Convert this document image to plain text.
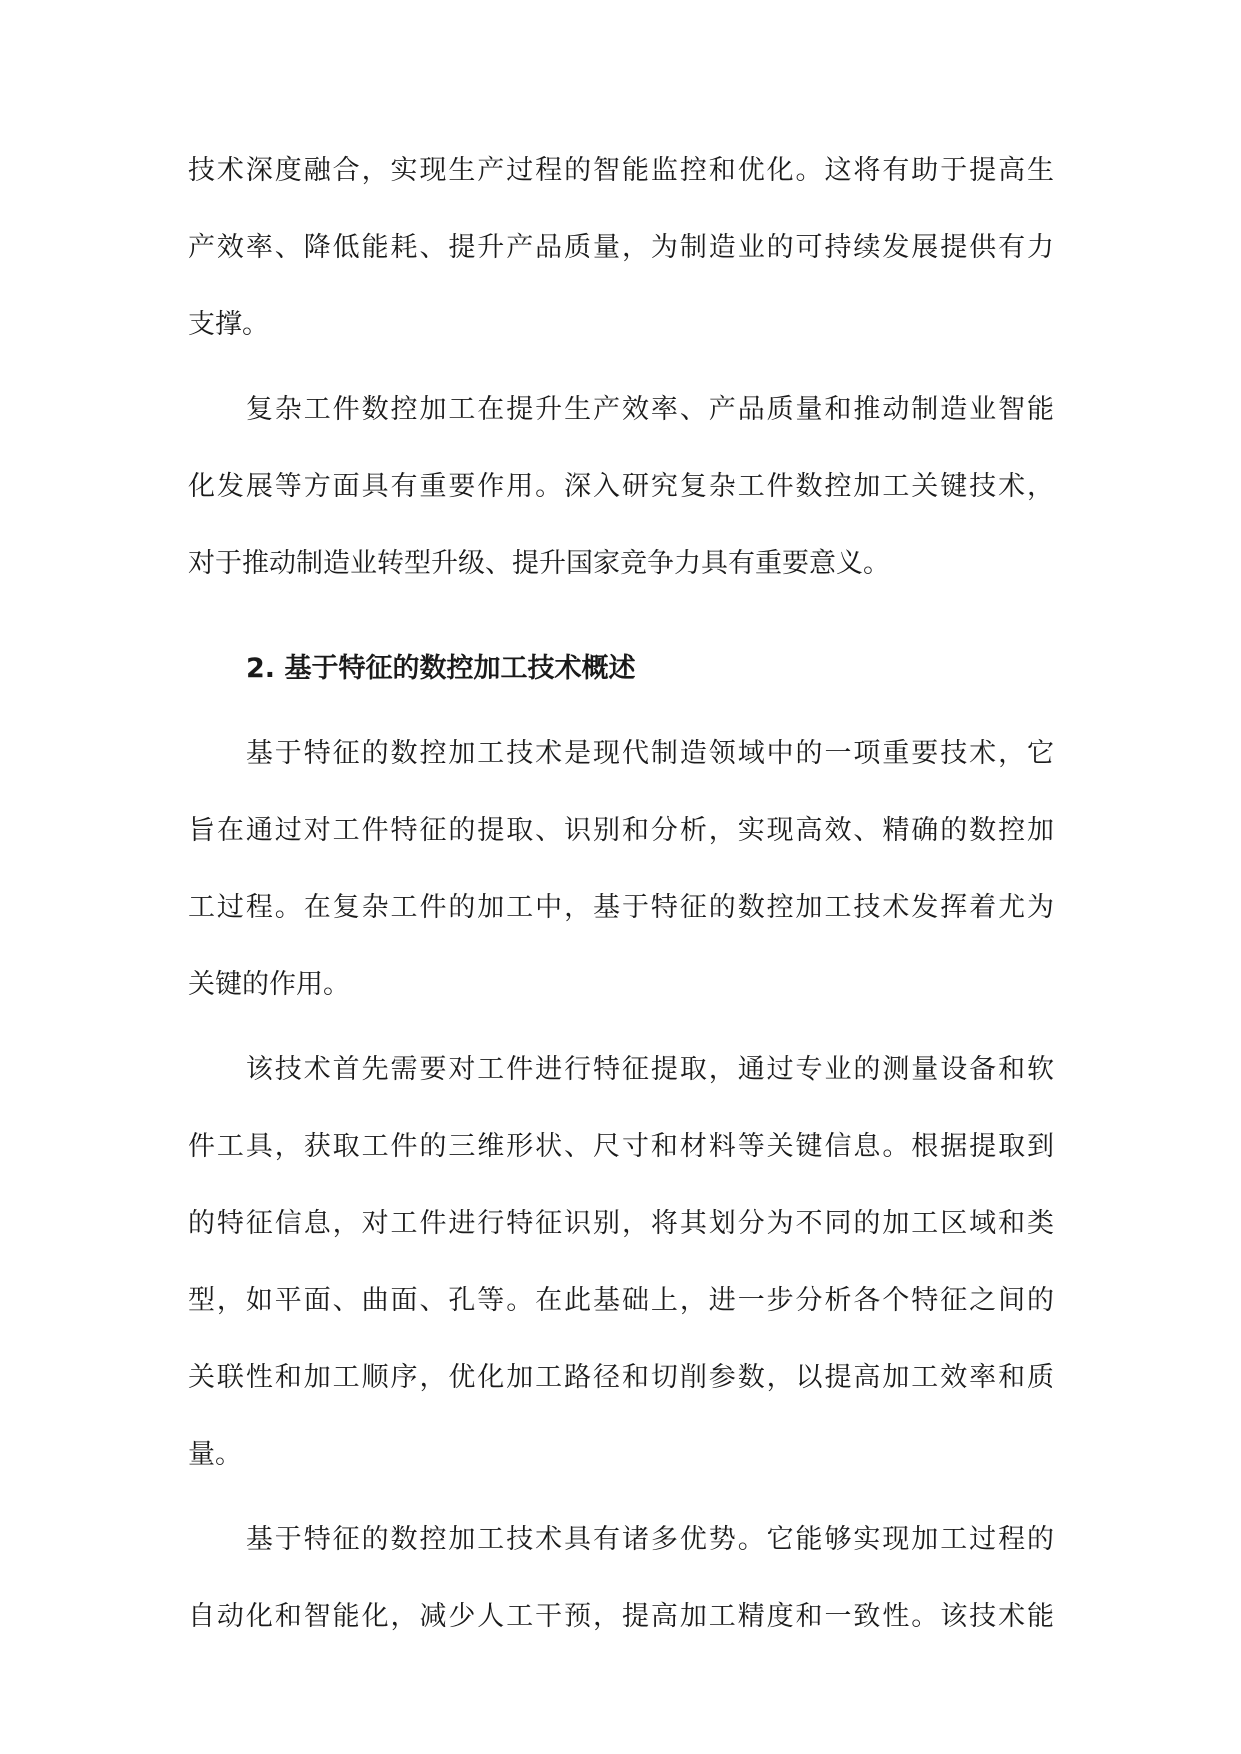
技术深度融合，实现生产过程的智能监控和优化。这将有助于提高生
产效率、降低能耗、提升产品质量，为制造业的可持续发展提供有力
支撑。
　　复杂工件数控加工在提升生产效率、产品质量和推动制造业智能
化发展等方面具有重要作用。深入研究复杂工件数控加工关键技术，
对于推动制造业转型升级、提升国家竞争力具有重要意义。
2. 基于特征的数控加工技术概述
　　基于特征的数控加工技术是现代制造领域中的一项重要技术，它
旨在通过对工件特征的提取、识别和分析，实现高效、精确的数控加
工过程。在复杂工件的加工中，基于特征的数控加工技术发挥着尤为
关键的作用。
　　该技术首先需要对工件进行特征提取，通过专业的测量设备和软
件工具，获取工件的三维形状、尺寸和材料等关键信息。根据提取到
的特征信息，对工件进行特征识别，将其划分为不同的加工区域和类
型，如平面、曲面、孔等。在此基础上，进一步分析各个特征之间的
关联性和加工顺序，优化加工路径和切削参数，以提高加工效率和质
量。
　　基于特征的数控加工技术具有诸多优势。它能够实现加工过程的
自动化和智能化，减少人工干预，提高加工精度和一致性。该技术能
